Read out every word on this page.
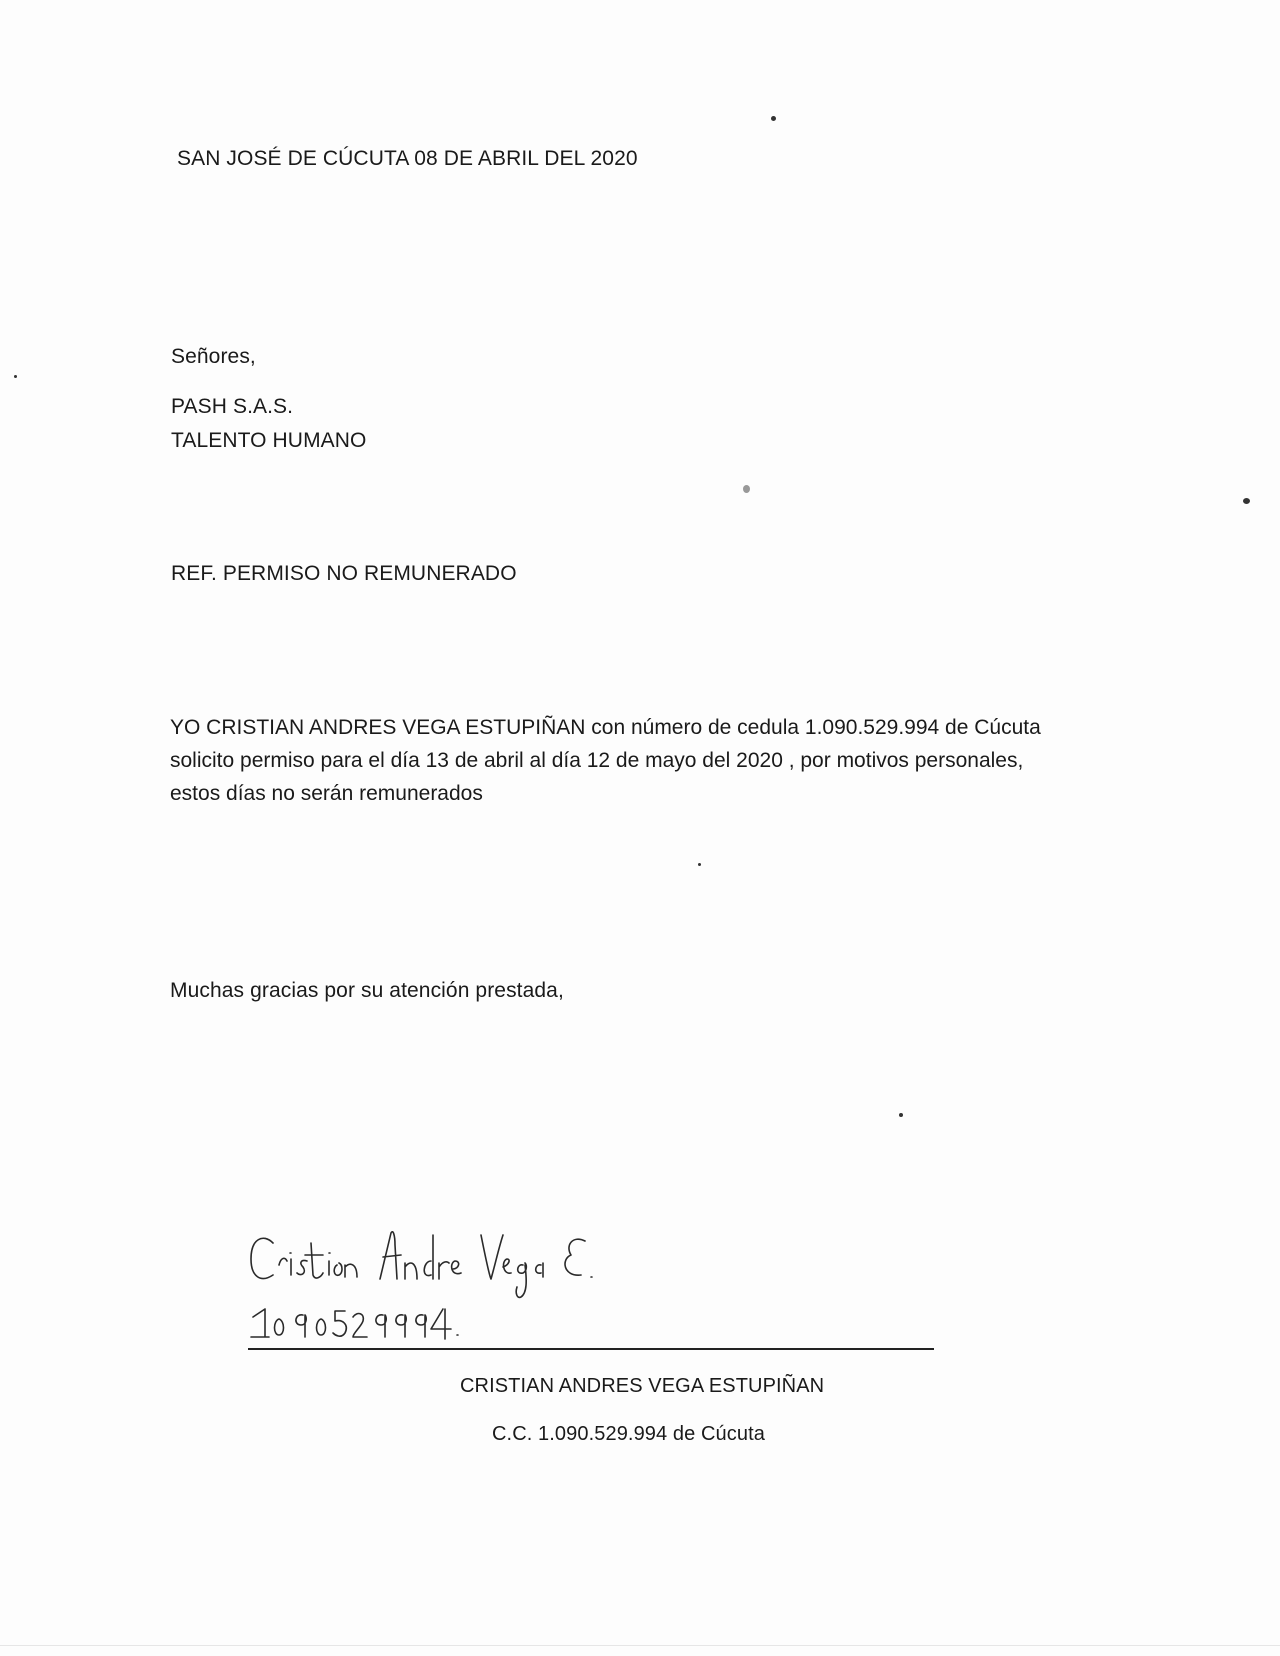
SAN JOSÉ DE CÚCUTA 08 DE ABRIL DEL 2020
Señores,
PASH S.A.S.
TALENTO HUMANO
REF. PERMISO NO REMUNERADO
YO CRISTIAN ANDRES VEGA ESTUPIÑAN con número de cedula 1.090.529.994 de Cúcuta
solicito permiso para el día 13 de abril al día 12 de mayo del 2020 , por motivos personales,
estos días no serán remunerados
Muchas gracias por su atención prestada,
CRISTIAN ANDRES VEGA ESTUPIÑAN
C.C. 1.090.529.994 de Cúcuta
